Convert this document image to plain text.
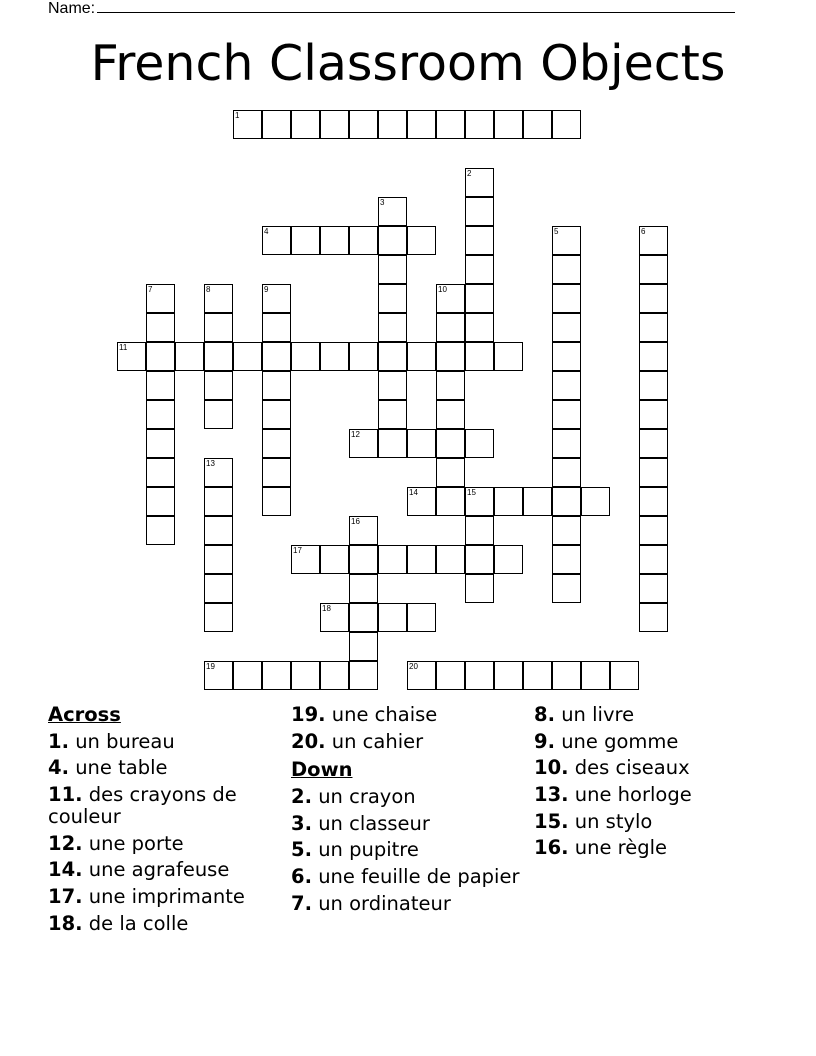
Name:
French Classroom Objects
1
2
3
4	5	6
7	8	9	10
11
12
13
14	15
16
17
18
19	20
Across
1. un bureau
4. une table
11. des crayons de couleur
12. une porte
14. une agrafeuse
17. une imprimante
18. de la colle
19. une chaise
20. un cahier
Down
2. un crayon
3. un classeur
5. un pupitre
6. une feuille de papier
7. un ordinateur
8. un livre
9. une gomme
10. des ciseaux
13. une horloge
15. un stylo
16. une règle
